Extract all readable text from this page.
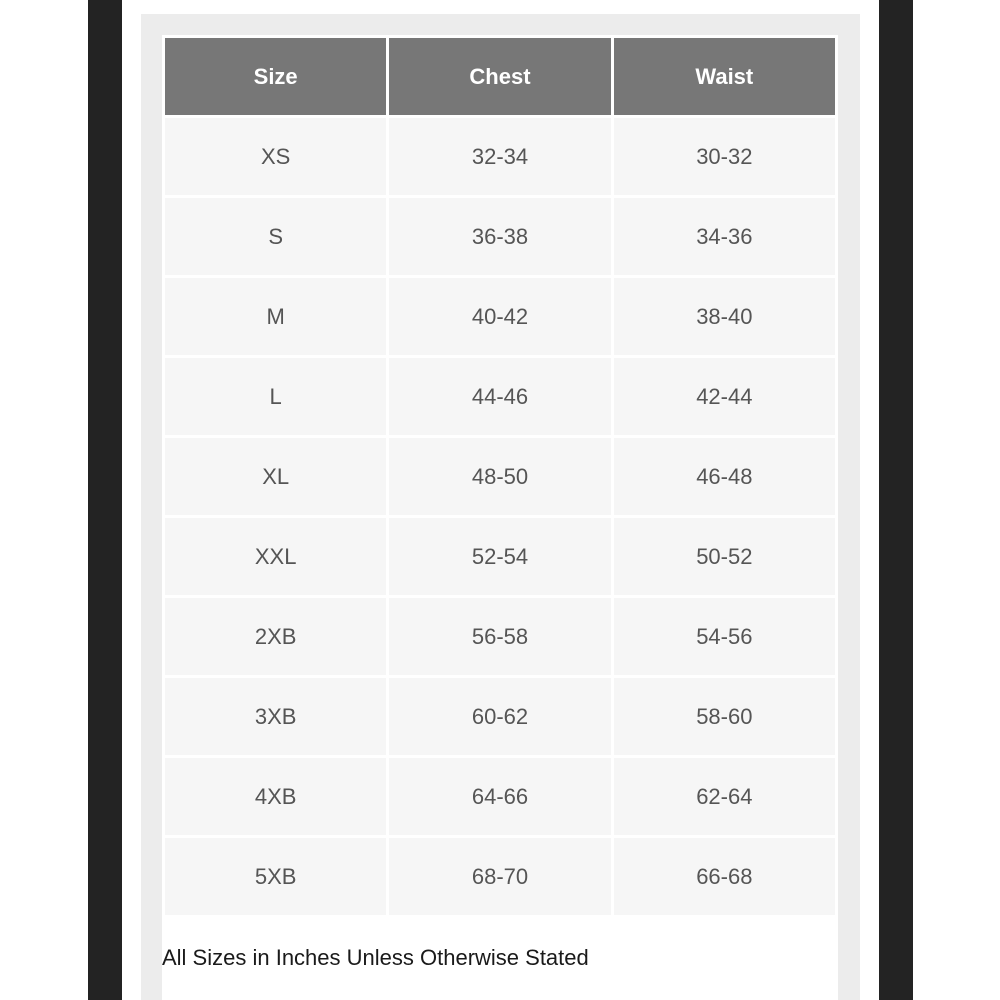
Size	Chest	Waist
XS	32-34	30-32
S	36-38	34-36
M	40-42	38-40
L	44-46	42-44
XL	48-50	46-48
XXL	52-54	50-52
2XB	56-58	54-56
3XB	60-62	58-60
4XB	64-66	62-64
5XB	68-70	66-68
All Sizes in Inches Unless Otherwise Stated
